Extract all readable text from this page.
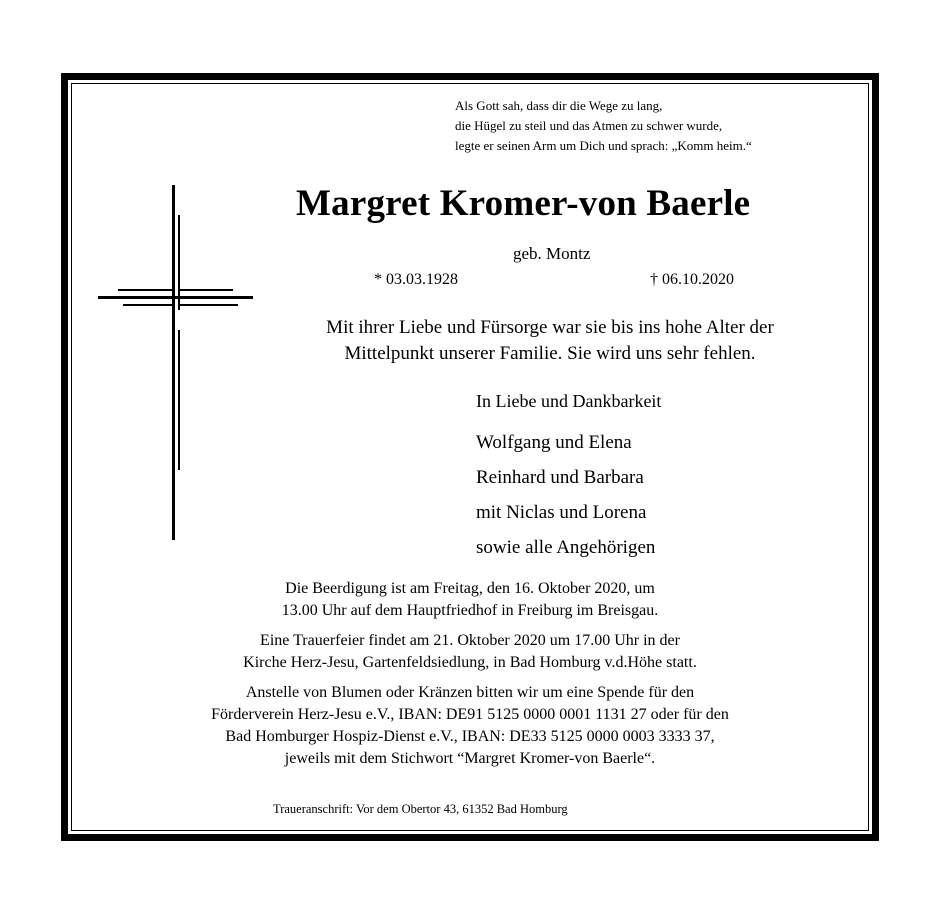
Als Gott sah, dass dir die Wege zu lang,
die Hügel zu steil und das Atmen zu schwer wurde,
legte er seinen Arm um Dich und sprach: „Komm heim.“
Margret Kromer-von Baerle
geb. Montz
* 03.03.1928	† 06.10.2020
Mit ihrer Liebe und Fürsorge war sie bis ins hohe Alter der
Mittelpunkt unserer Familie. Sie wird uns sehr fehlen.
In Liebe und Dankbarkeit
Wolfgang und Elena
Reinhard und Barbara
mit Niclas und Lorena
sowie alle Angehörigen
Die Beerdigung ist am Freitag, den 16. Oktober 2020, um
13.00 Uhr auf dem Hauptfriedhof in Freiburg im Breisgau.
Eine Trauerfeier findet am 21. Oktober 2020 um 17.00 Uhr in der
Kirche Herz-Jesu, Gartenfeldsiedlung, in Bad Homburg v.d.Höhe statt.
Anstelle von Blumen oder Kränzen bitten wir um eine Spende für den
Förderverein Herz-Jesu e.V., IBAN: DE91 5125 0000 0001 1131 27 oder für den
Bad Homburger Hospiz-Dienst e.V., IBAN: DE33 5125 0000 0003 3333 37,
jeweils mit dem Stichwort “Margret Kromer-von Baerle“.
Traueranschrift: Vor dem Obertor 43, 61352 Bad Homburg
